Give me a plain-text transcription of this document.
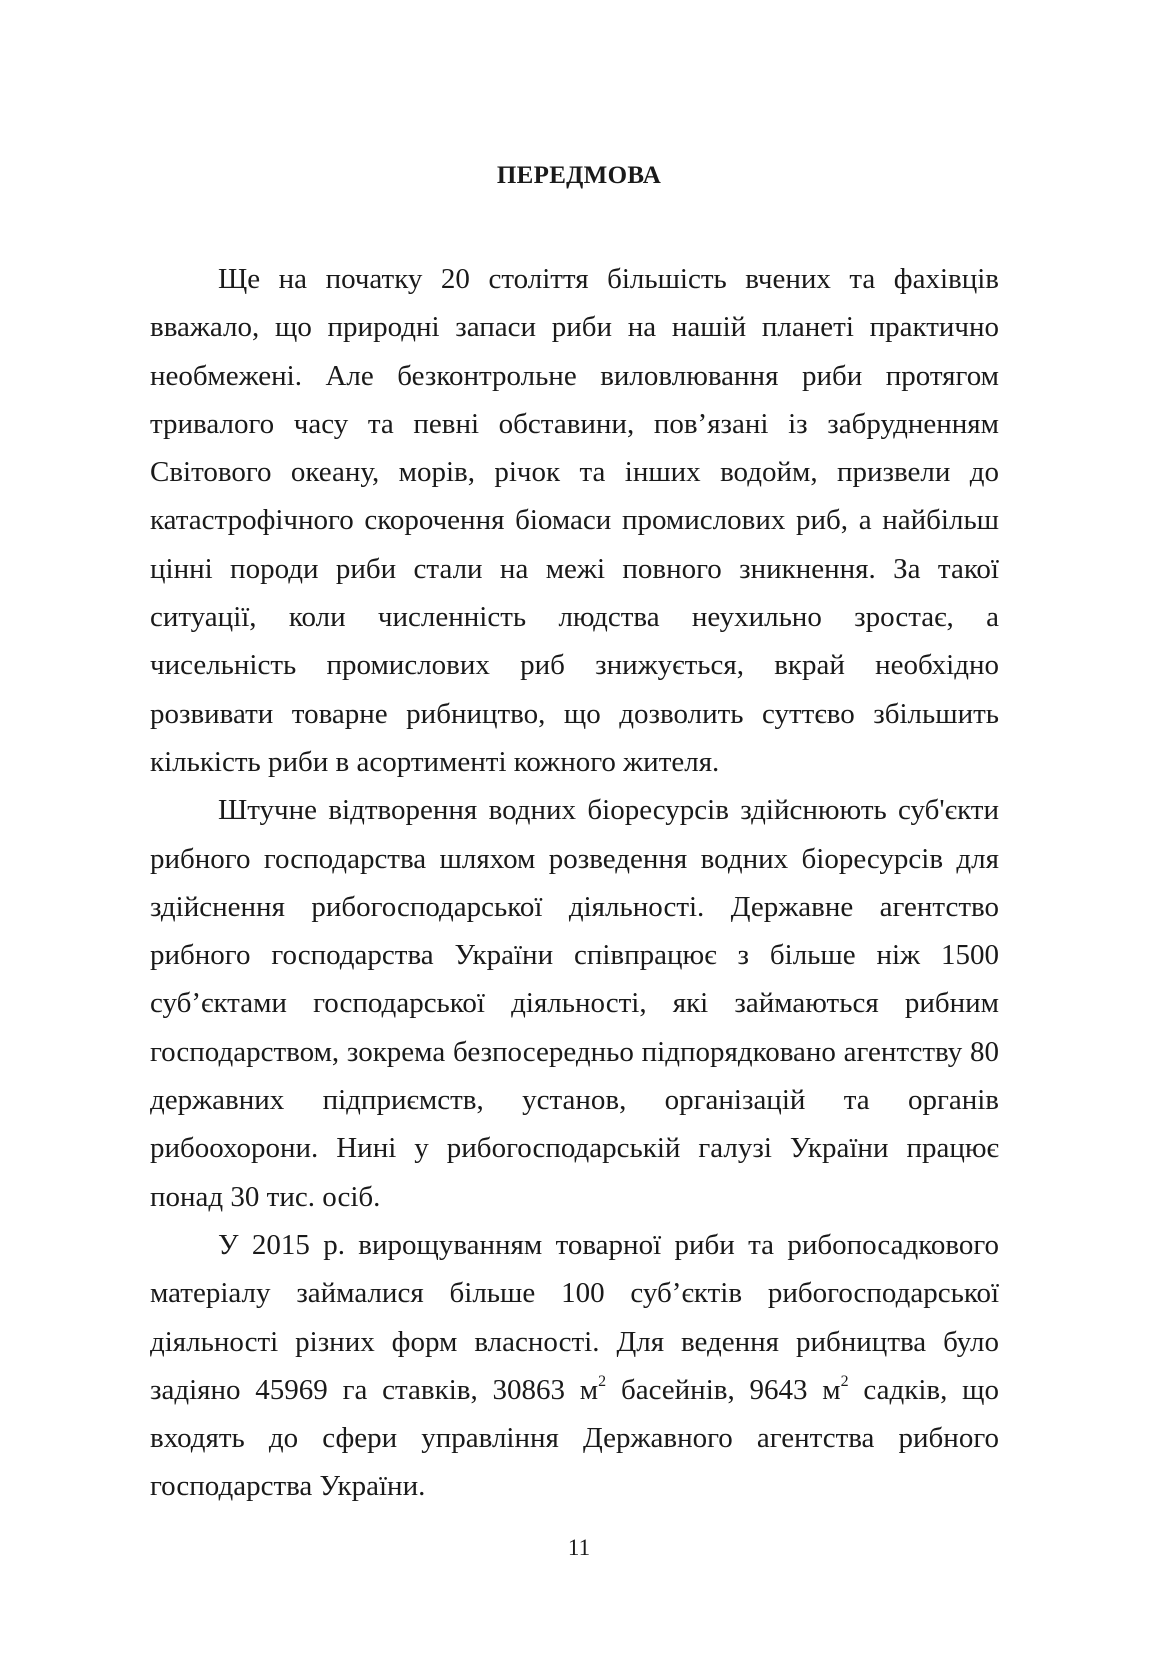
ПЕРЕДМОВА

Ще на початку 20 століття більшість вчених та фахівців вважало, що природні запаси риби на нашій планеті практично необмежені. Але безконтрольне виловлювання риби протягом тривалого часу та певні обставини, пов’язані із забрудненням Світового океану, морів, річок та інших водойм, призвели до катастрофічного скорочення біомаси промислових риб, а найбільш цінні породи риби стали на межі повного зникнення. За такої ситуації, коли численність людства неухильно зростає, а чисельність промислових риб знижується, вкрай необхідно розвивати товарне рибництво, що дозволить суттєво збільшить кількість риби в асортименті кожного жителя.

Штучне відтворення водних біоресурсів здійснюють суб'єкти рибного господарства шляхом розведення водних біоресурсів для здійснення рибогосподарської діяльності. Державне агентство рибного господарства України співпрацює з більше ніж 1500 суб’єктами господарської діяльності, які займаються рибним господарством, зокрема безпосередньо підпорядковано агентству 80 державних підприємств, установ, організацій та органів рибоохорони. Нині у рибогосподарській галузі України працює понад 30 тис. осіб.

У 2015 р. вирощуванням товарної риби та рибопосадкового матеріалу займалися більше 100 суб’єктів рибогосподарської діяльності різних форм власності. Для ведення рибництва було задіяно 45969 га ставків, 30863 $м^2$ басейнів, 9643 $м^2$ садків, що входять до сфери управління Державного агентства рибного господарства України.

11
